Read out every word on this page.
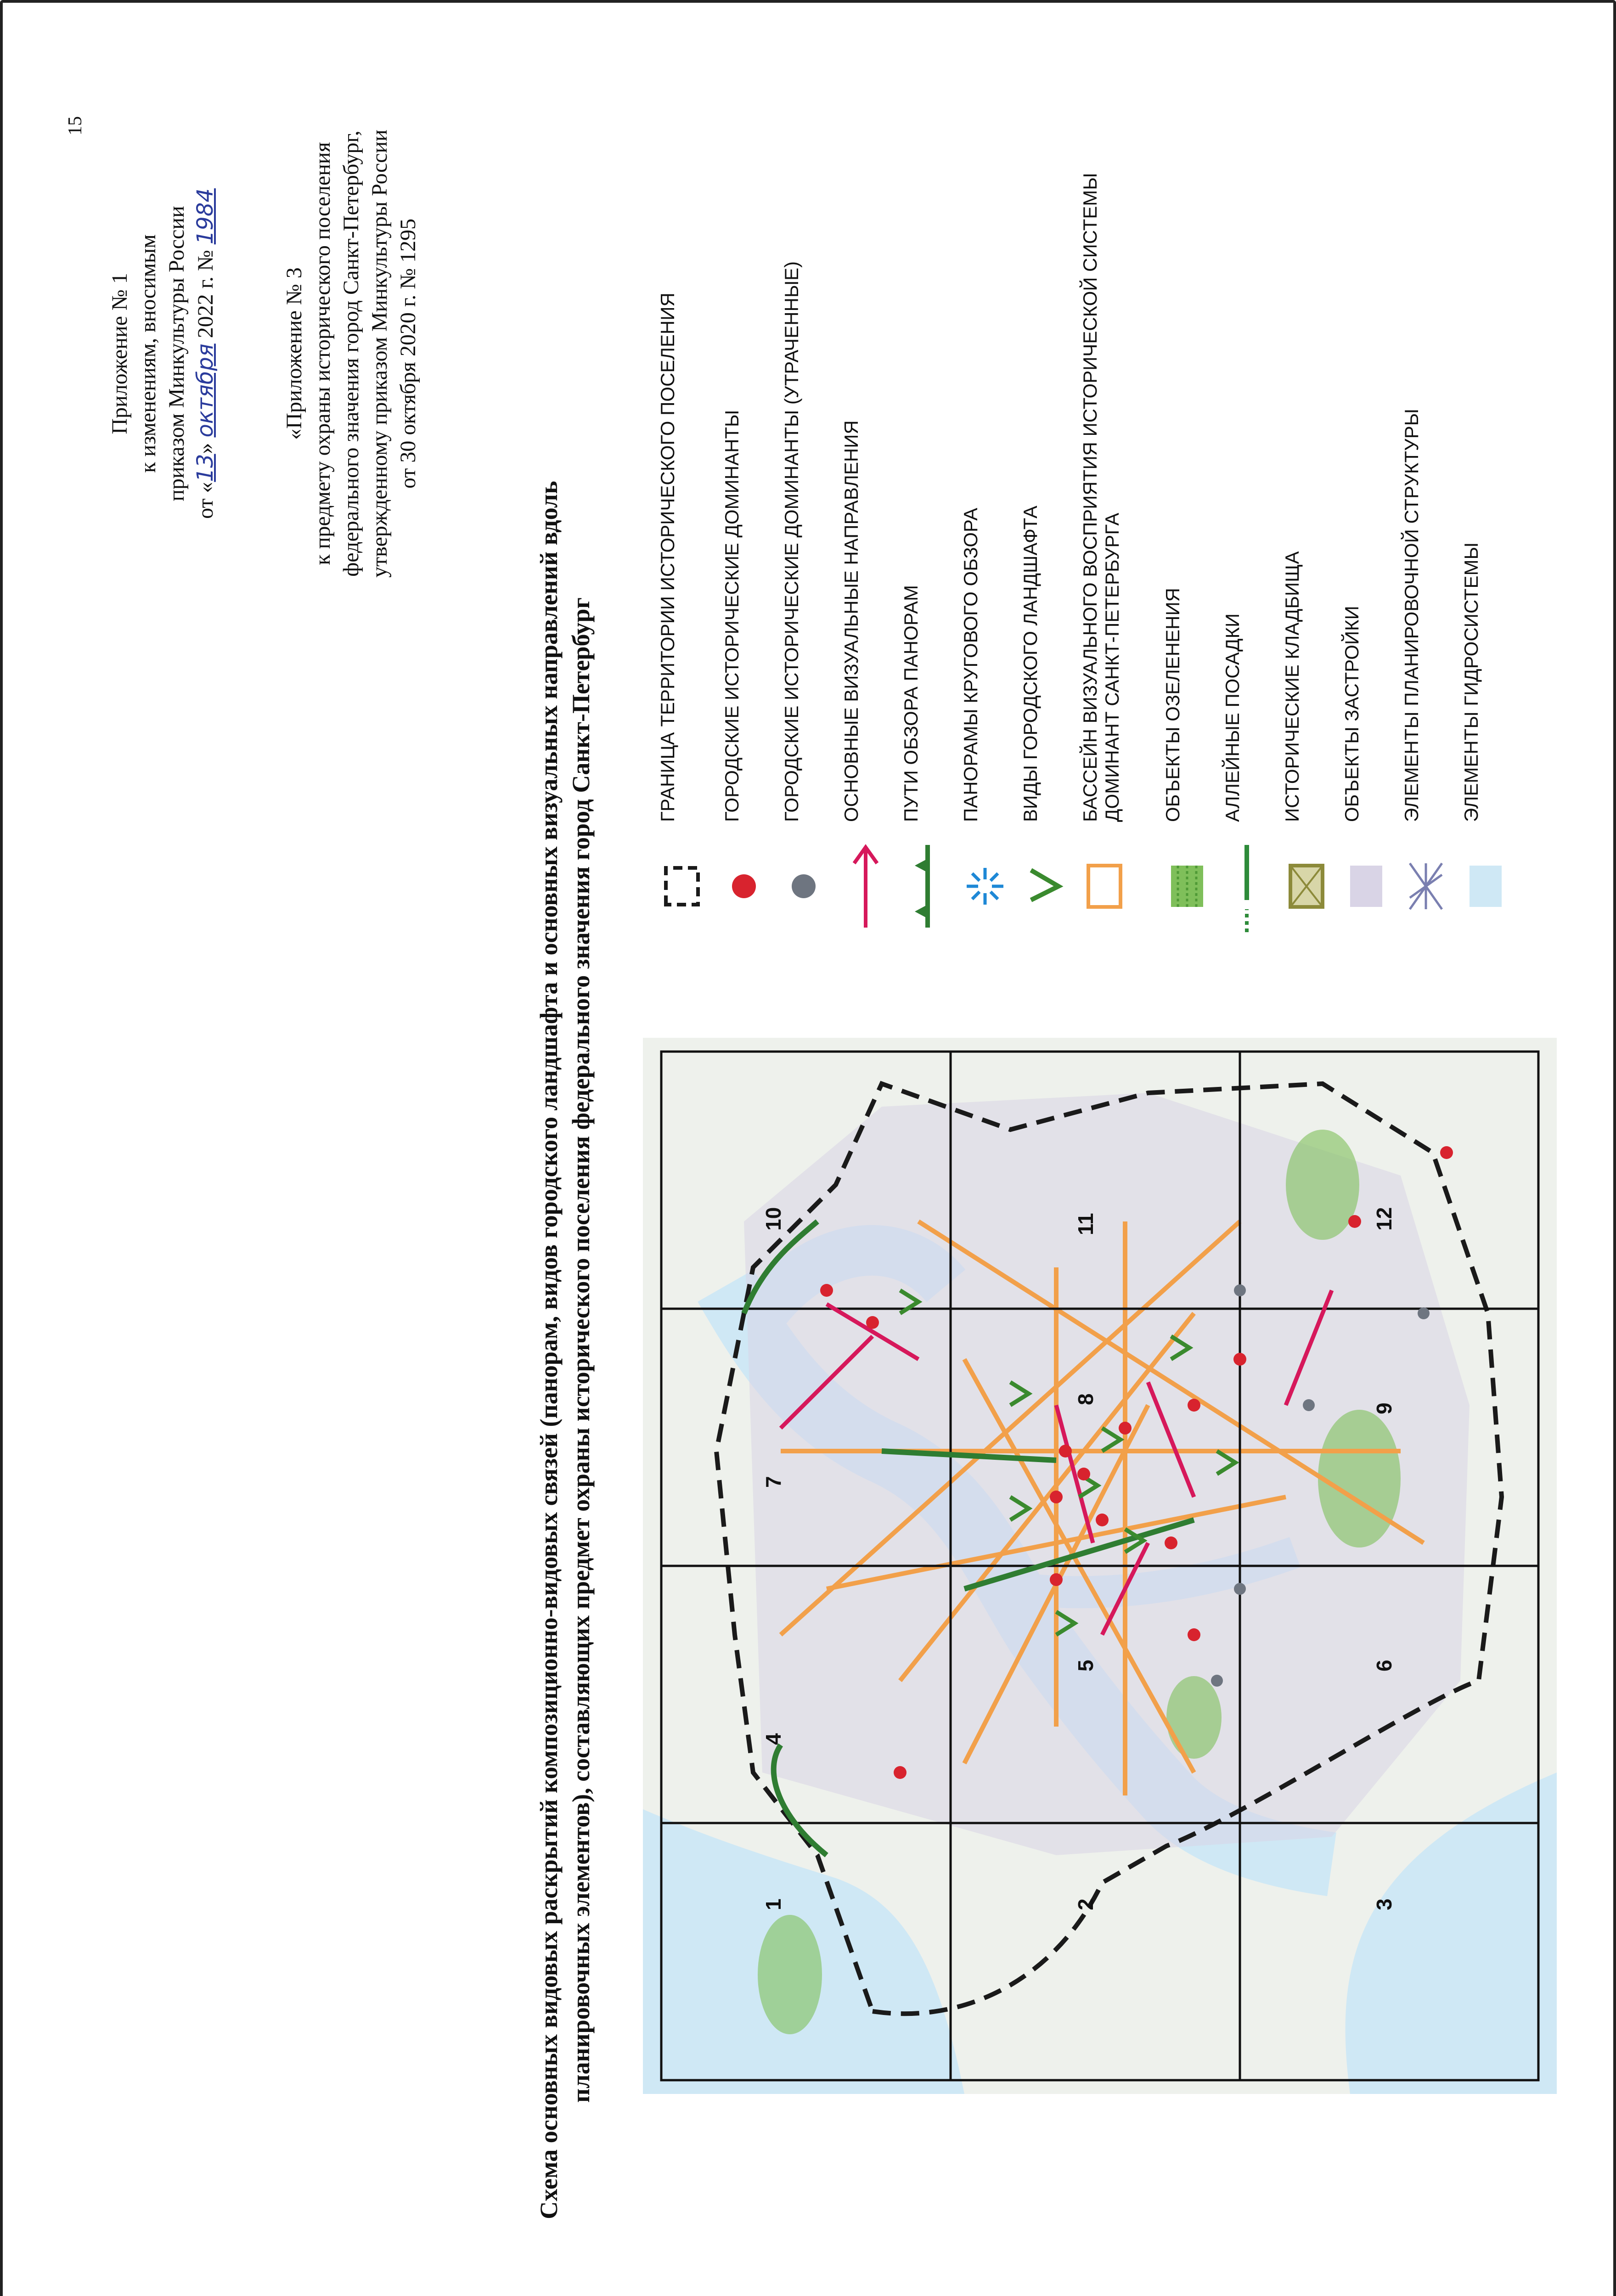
15
Приложение № 1 к изменениям, вносимым приказом Минкультуры России от «13» октября 2022 г. № 1984
«Приложение № 3 к предмету охраны исторического поселения федерального значения город Санкт-Петербург, утвержденному приказом Минкультуры России от 30 октября 2020 г. № 1295
Схема основных видовых раскрытий композиционно-видовых связей (панорам, видов городского ландшафта и основных визуальных направлений вдоль планировочных элементов), составляющих предмет охраны исторического поселения федерального значения город Санкт-Петербург	1	2	3
4
5	6
7
8
9
10	11	12
ГРАНИЦА ТЕРРИТОРИИ ИСТОРИЧЕСКОГО ПОСЕЛЕНИЯ ГОРОДСКИЕ ИСТОРИЧЕСКИЕ ДОМИНАНТЫ ГОРОДСКИЕ ИСТОРИЧЕСКИЕ ДОМИНАНТЫ (УТРАЧЕННЫЕ) ОСНОВНЫЕ ВИЗУАЛЬНЫЕ НАПРАВЛЕНИЯ ПУТИ ОБЗОРА ПАНОРАМ ПАНОРАМЫ КРУГОВОГО ОБЗОРА ВИДЫ ГОРОДСКОГО ЛАНДШАФТА БАССЕЙН ВИЗУАЛЬНОГО ВОСПРИЯТИЯ ИСТОРИЧЕСКОЙ СИСТЕМЫ ДОМИНАНТ САНКТ-ПЕТЕРБУРГА ОБЪЕКТЫ ОЗЕЛЕНЕНИЯ АЛЛЕЙНЫЕ ПОСАДКИ ИСТОРИЧЕСКИЕ КЛАДБИЩА ОБЪЕКТЫ ЗАСТРОЙКИ ЭЛЕМЕНТЫ ПЛАНИРОВОЧНОЙ СТРУКТУРЫ ЭЛЕМЕНТЫ ГИДРОСИСТЕМЫ
